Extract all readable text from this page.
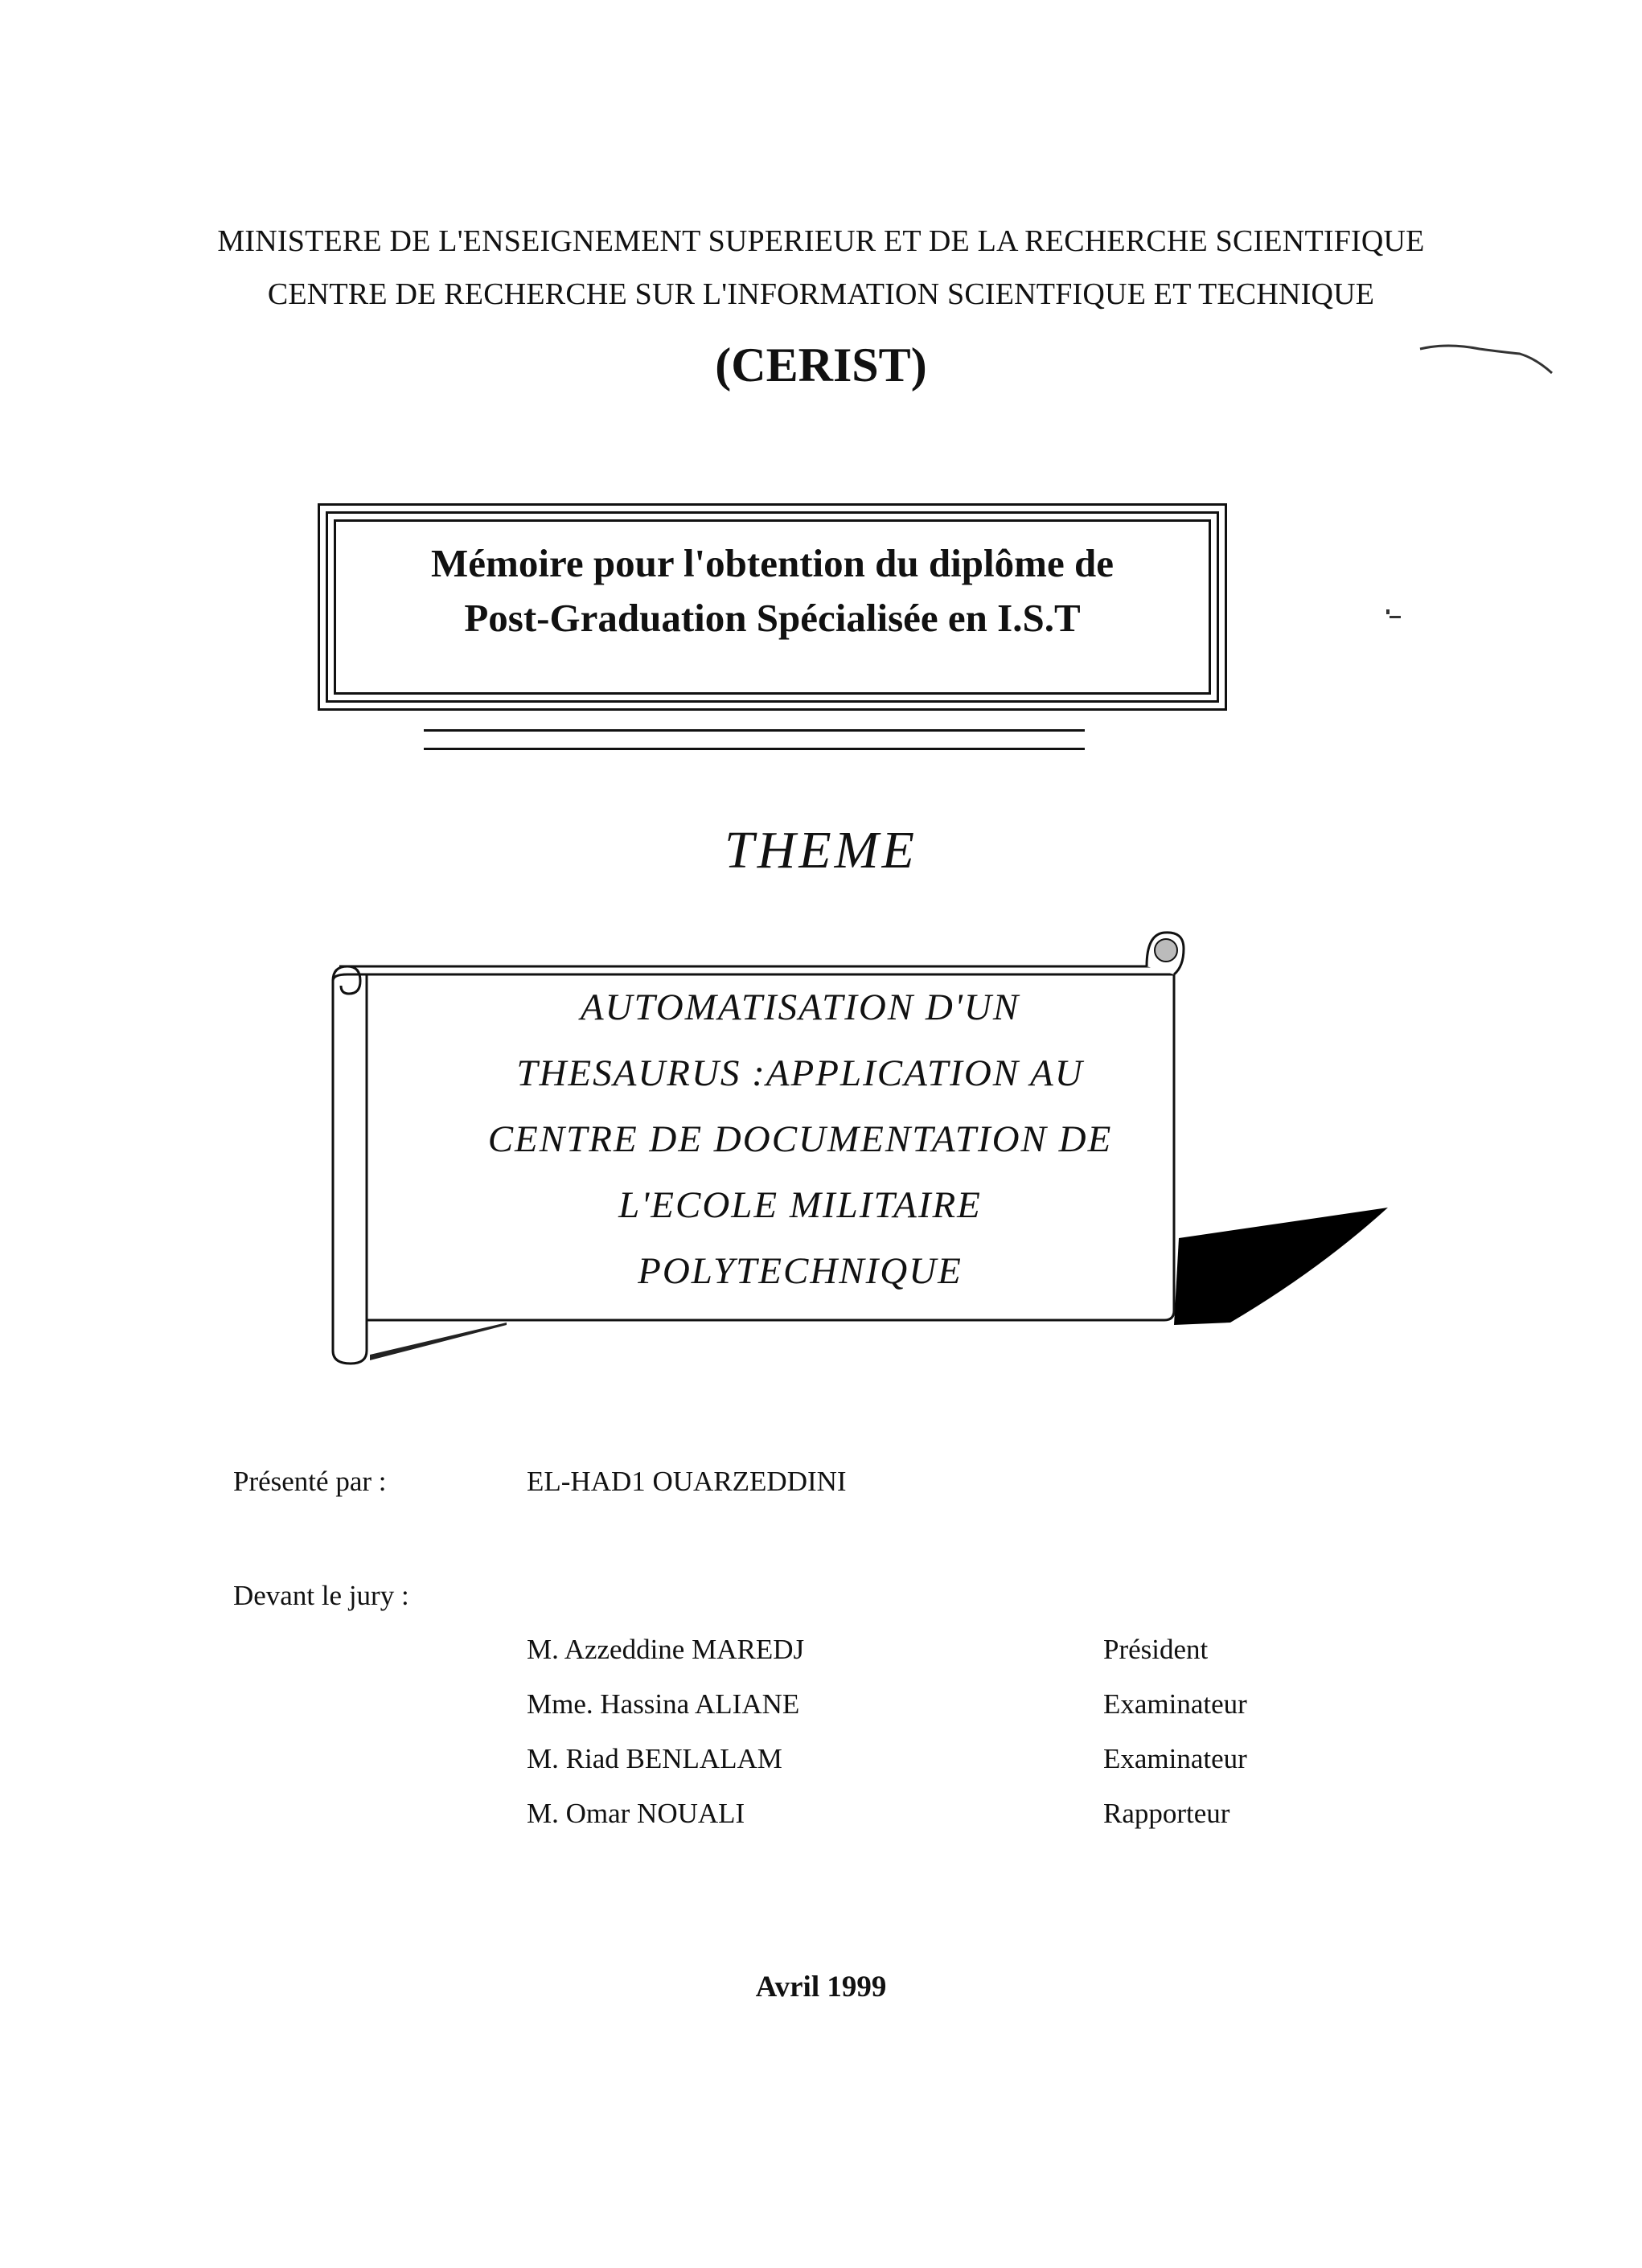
MINISTERE DE L'ENSEIGNEMENT SUPERIEUR ET DE LA RECHERCHE SCIENTIFIQUE
CENTRE DE RECHERCHE SUR L'INFORMATION SCIENTFIQUE ET TECHNIQUE
(CERIST)
Mémoire pour l'obtention du diplôme de
Post-Graduation Spécialisée en I.S.T
THEME
AUTOMATISATION D'UN
THESAURUS :APPLICATION AU
CENTRE DE DOCUMENTATION DE
L'ECOLE MILITAIRE
POLYTECHNIQUE
Présenté par :	EL-HAD1 OUARZEDDINI
Devant le jury :
M. Azzeddine MAREDJ	Président
Mme. Hassina ALIANE	Examinateur
M. Riad BENLALAM	Examinateur
M. Omar NOUALI	Rapporteur
Avril 1999
